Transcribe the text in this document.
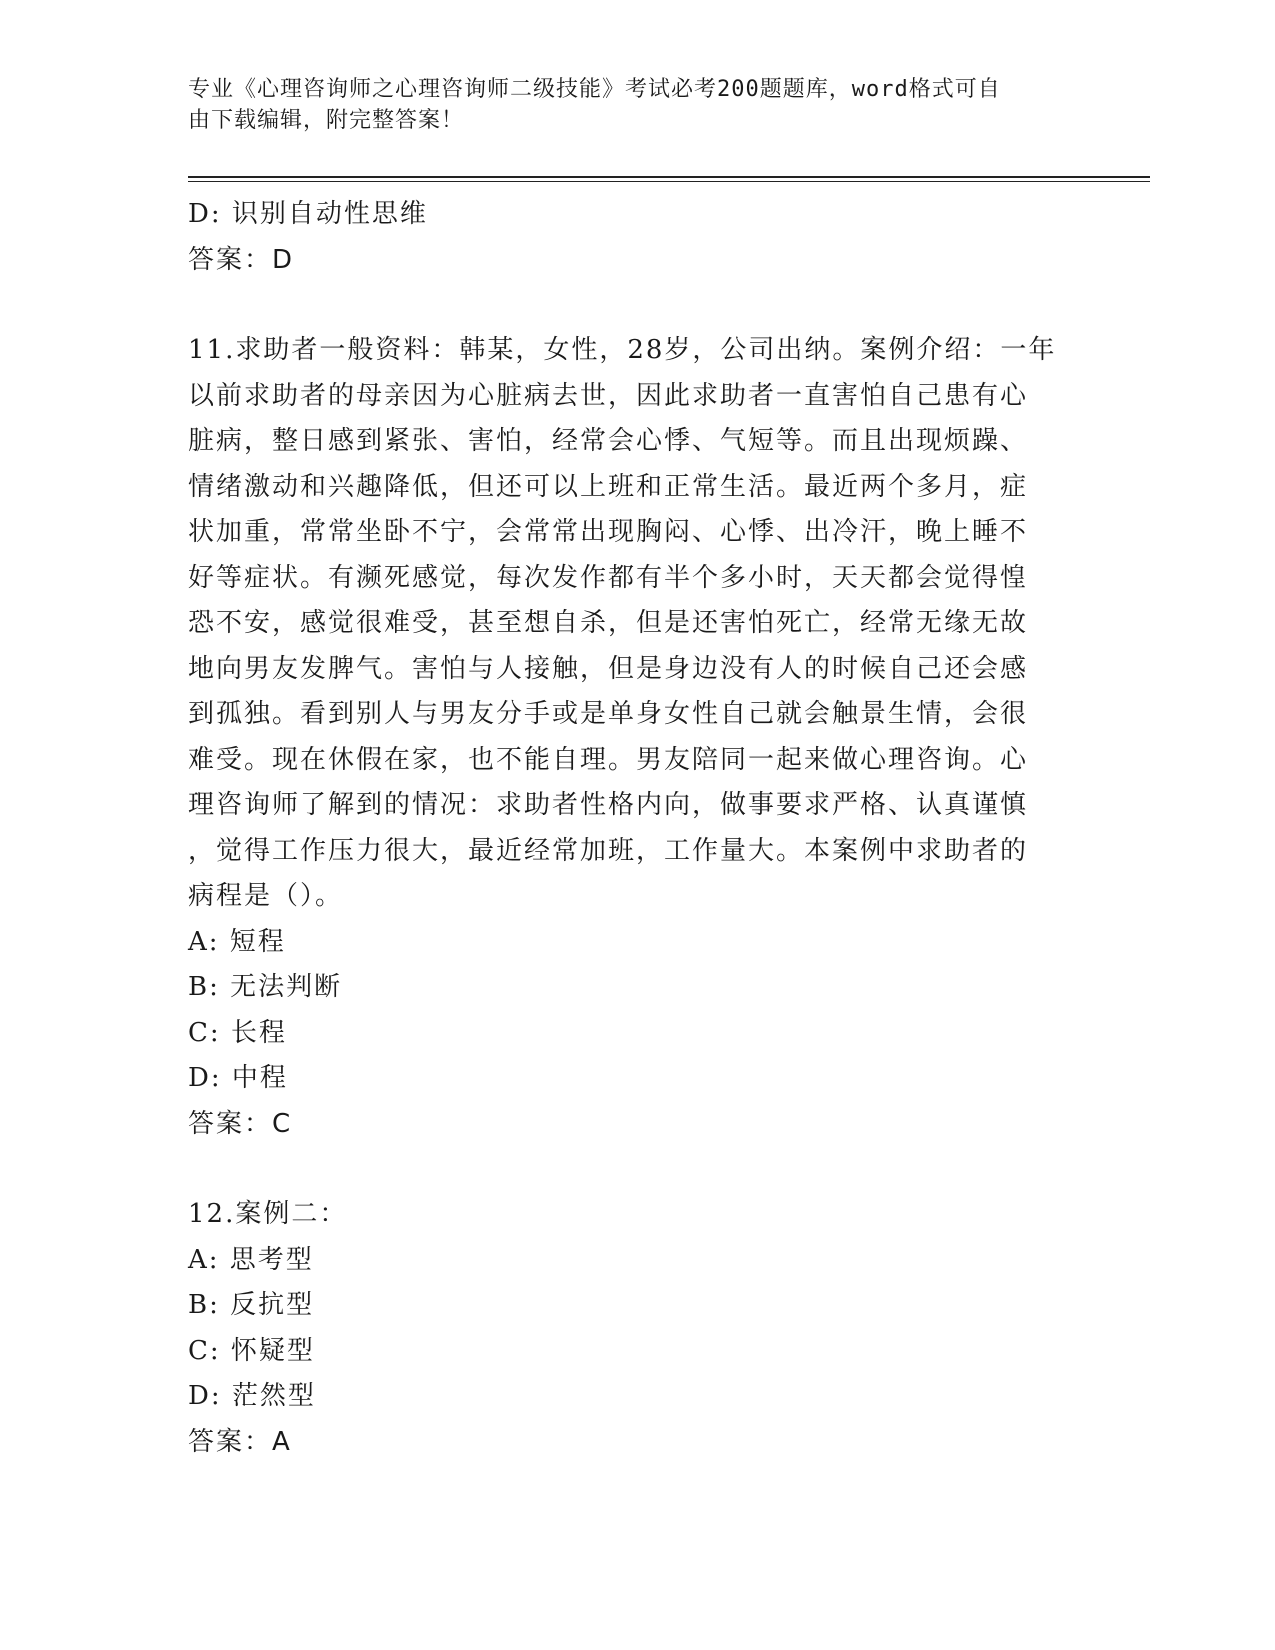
专业《心理咨询师之心理咨询师二级技能》考试必考200题题库，word格式可自
由下载编辑，附完整答案！
D: 识别自动性思维
答案：D
11.求助者一般资料：韩某，女性，28岁，公司出纳。案例介绍：一年
以前求助者的母亲因为心脏病去世，因此求助者一直害怕自己患有心
脏病，整日感到紧张、害怕，经常会心悸、气短等。而且出现烦躁、
情绪激动和兴趣降低，但还可以上班和正常生活。最近两个多月，症
状加重，常常坐卧不宁，会常常出现胸闷、心悸、出冷汗，晚上睡不
好等症状。有濒死感觉，每次发作都有半个多小时，天天都会觉得惶
恐不安，感觉很难受，甚至想自杀，但是还害怕死亡，经常无缘无故
地向男友发脾气。害怕与人接触，但是身边没有人的时候自己还会感
到孤独。看到别人与男友分手或是单身女性自己就会触景生情，会很
难受。现在休假在家，也不能自理。男友陪同一起来做心理咨询。心
理咨询师了解到的情况：求助者性格内向，做事要求严格、认真谨慎
，觉得工作压力很大，最近经常加班，工作量大。本案例中求助者的
病程是（）。
A: 短程
B: 无法判断
C: 长程
D: 中程
答案：C
12.案例二：
A: 思考型
B: 反抗型
C: 怀疑型
D: 茫然型
答案：A
